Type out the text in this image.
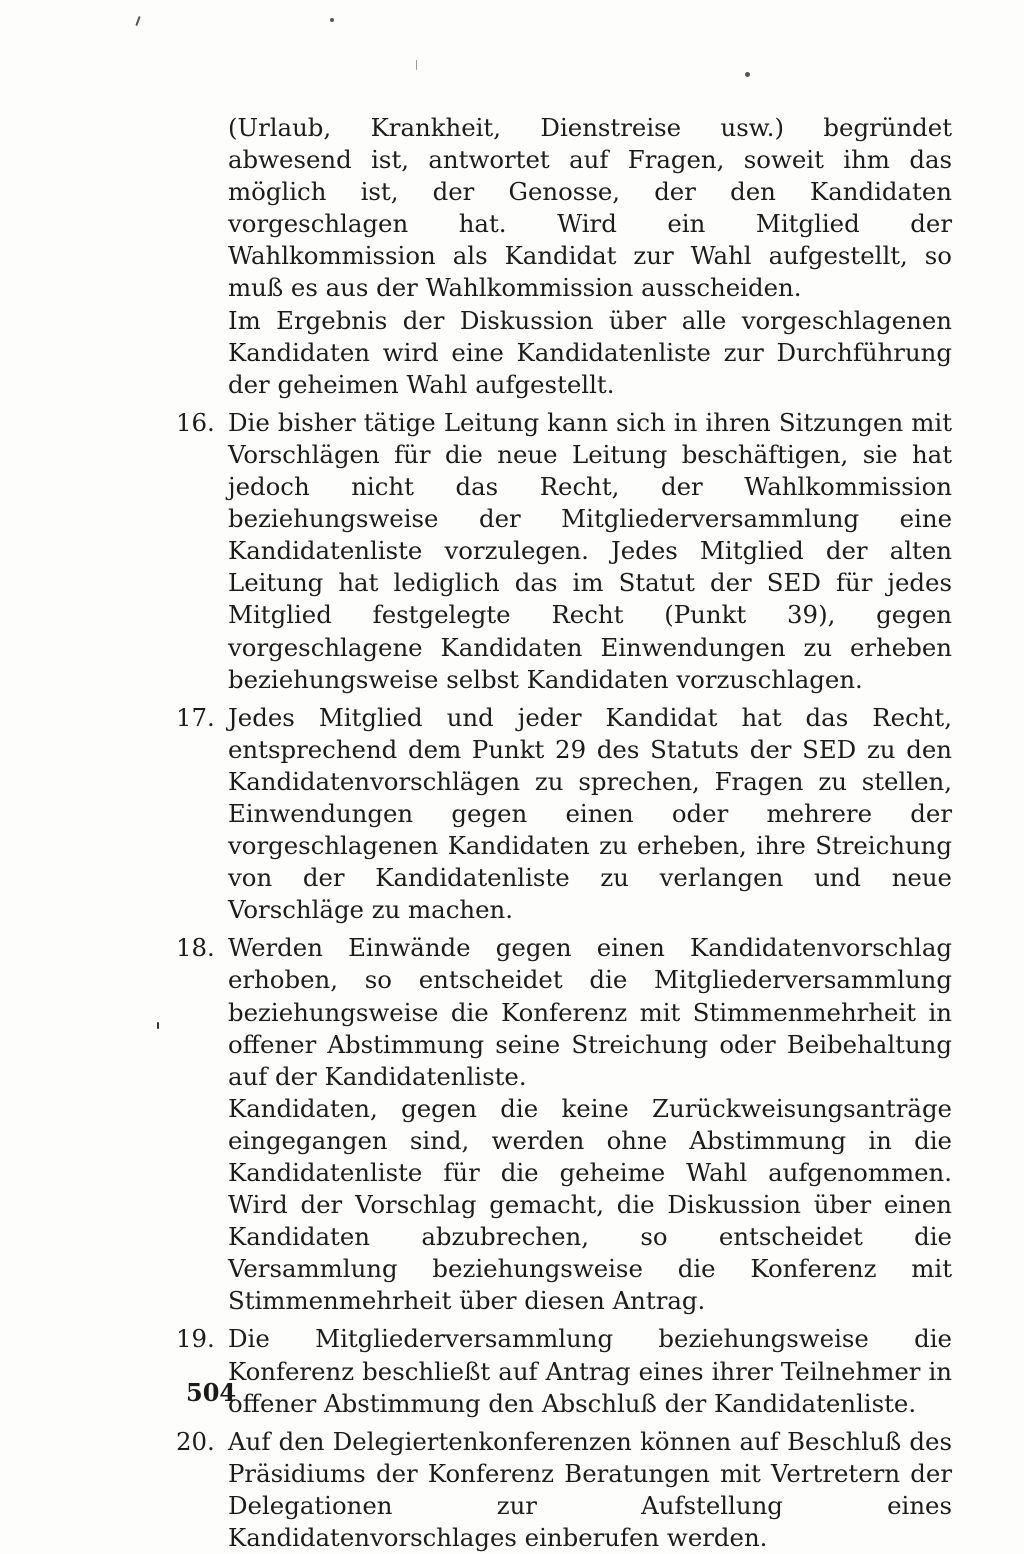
(Urlaub, Krankheit, Dienstreise usw.) begründet abwesend ist, antwortet auf Fragen, soweit ihm das möglich ist, der Genosse, der den Kandidaten vorgeschlagen hat. Wird ein Mitglied der Wahlkommission als Kandidat zur Wahl aufgestellt, so muß es aus der Wahlkommission ausscheiden.

Im Ergebnis der Diskussion über alle vorgeschlagenen Kandidaten wird eine Kandidatenliste zur Durchführung der geheimen Wahl aufgestellt.

16. Die bisher tätige Leitung kann sich in ihren Sitzungen mit Vorschlägen für die neue Leitung beschäftigen, sie hat jedoch nicht das Recht, der Wahlkommission beziehungsweise der Mitgliederversammlung eine Kandidatenliste vorzulegen. Jedes Mitglied der alten Leitung hat lediglich das im Statut der SED für jedes Mitglied festgelegte Recht (Punkt 39), gegen vorgeschlagene Kandidaten Einwendungen zu erheben beziehungsweise selbst Kandidaten vorzuschlagen.

17. Jedes Mitglied und jeder Kandidat hat das Recht, entsprechend dem Punkt 29 des Statuts der SED zu den Kandidatenvorschlägen zu sprechen, Fragen zu stellen, Einwendungen gegen einen oder mehrere der vorgeschlagenen Kandidaten zu erheben, ihre Streichung von der Kandidatenliste zu verlangen und neue Vorschläge zu machen.

18. Werden Einwände gegen einen Kandidatenvorschlag erhoben, so entscheidet die Mitgliederversammlung beziehungsweise die Konferenz mit Stimmenmehrheit in offener Abstimmung seine Streichung oder Beibehaltung auf der Kandidatenliste.

Kandidaten, gegen die keine Zurückweisungsanträge eingegangen sind, werden ohne Abstimmung in die Kandidatenliste für die geheime Wahl aufgenommen. Wird der Vorschlag gemacht, die Diskussion über einen Kandidaten abzubrechen, so entscheidet die Versammlung beziehungsweise die Konferenz mit Stimmenmehrheit über diesen Antrag.

19. Die Mitgliederversammlung beziehungsweise die Konferenz beschließt auf Antrag eines ihrer Teilnehmer in offener Abstimmung den Abschluß der Kandidatenliste.

20. Auf den Delegiertenkonferenzen können auf Beschluß des Präsidiums der Konferenz Beratungen mit Vertretern der Delegationen zur Aufstellung eines Kandidatenvorschlages einberufen werden.

504
